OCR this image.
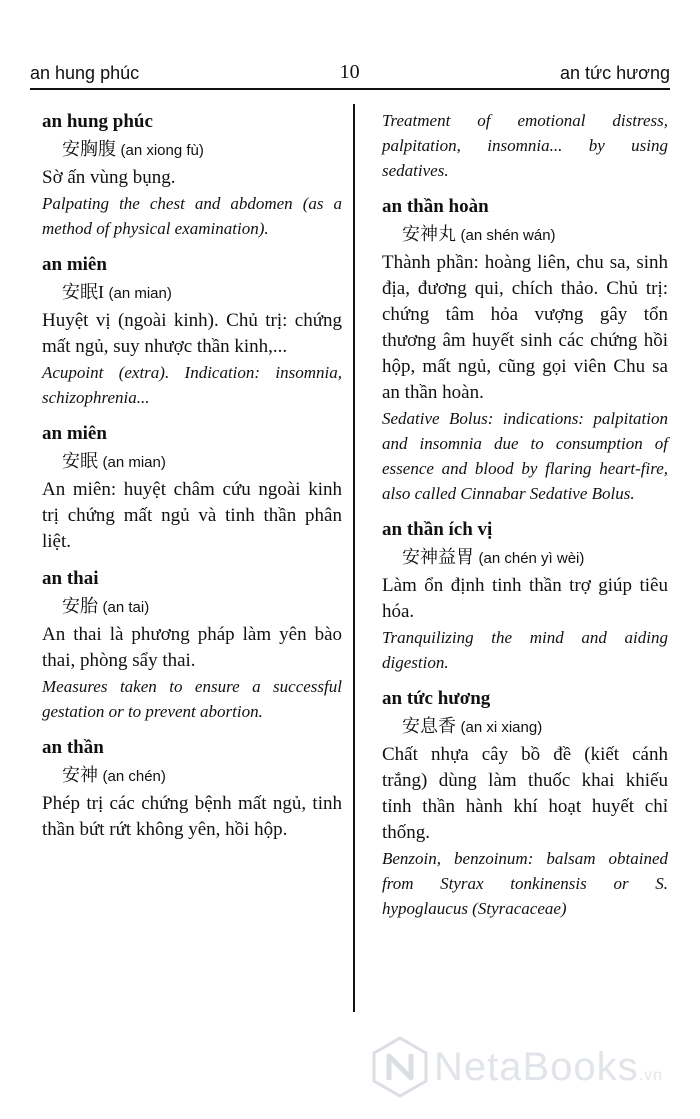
an hung phúc	10	an tức hương
an hung phúc
安胸腹 (an xiong fù)
Sờ ấn vùng bụng.
Palpating the chest and abdomen (as a method of physical examination).
an miên
安眠I (an mian)
Huyệt vị (ngoài kinh). Chủ trị: chứng mất ngủ, suy nhược thần kinh,...
Acupoint (extra). Indication: insomnia, schizophrenia...
an miên
安眠 (an mian)
An miên: huyệt châm cứu ngoài kinh trị chứng mất ngủ và tinh thần phân liệt.
an thai
安胎 (an tai)
An thai là phương pháp làm yên bào thai, phòng sẩy thai.
Measures taken to ensure a successful gestation or to prevent abortion.
an thần
安神 (an chén)
Phép trị các chứng bệnh mất ngủ, tinh thần bứt rứt không yên, hồi hộp.
Treatment of emotional distress, palpitation, insomnia... by using sedatives.
an thần hoàn
安神丸 (an shén wán)
Thành phần: hoàng liên, chu sa, sinh địa, đương qui, chích thảo. Chủ trị: chứng tâm hỏa vượng gây tổn thương âm huyết sinh các chứng hồi hộp, mất ngủ, cũng gọi viên Chu sa an thần hoàn.
Sedative Bolus: indications: palpitation and insomnia due to consumption of essence and blood by flaring heart-fire, also called Cinnabar Sedative Bolus.
an thần ích vị
安神益胃 (an chén yì wèi)
Làm ổn định tinh thần trợ giúp tiêu hóa.
Tranquilizing the mind and aiding digestion.
an tức hương
安息香 (an xi xiang)
Chất nhựa cây bồ đề (kiết cánh trắng) dùng làm thuốc khai khiếu tỉnh thần hành khí hoạt huyết chỉ thống.
Benzoin, benzoinum: balsam obtained from Styrax tonkinensis or S. hypoglaucus (Styracaceae)
NetaBooks.vn
